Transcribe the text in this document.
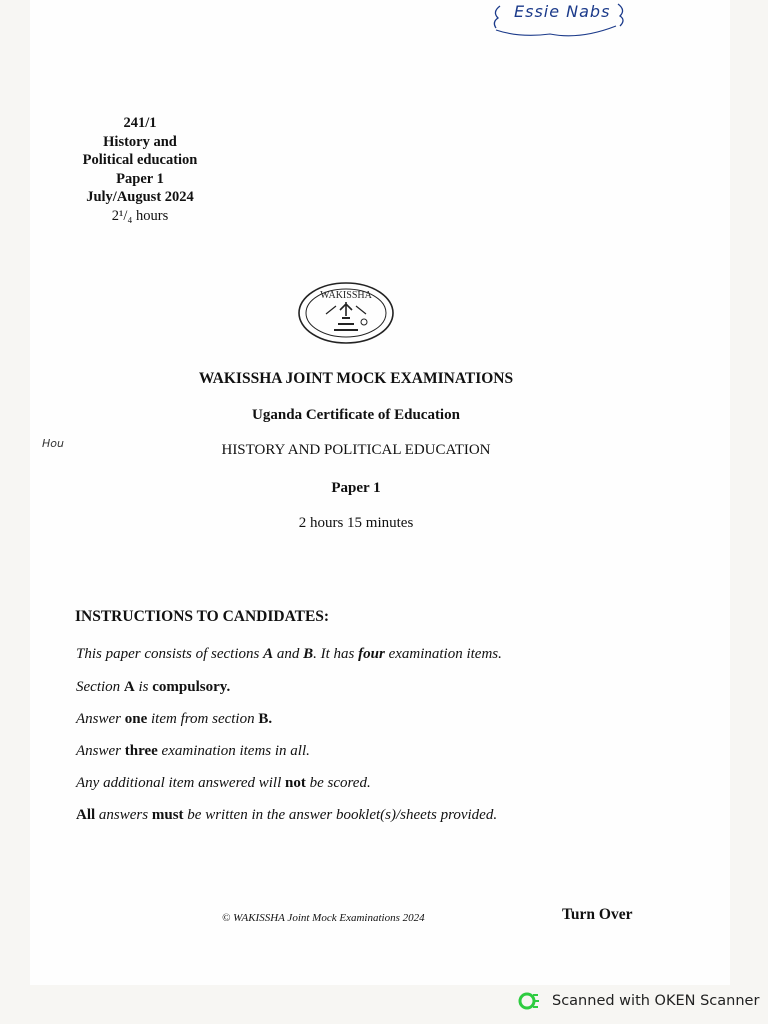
Essie Nabs
241/1
History and
Political education
Paper 1
July/August 2024
2¹/₄ hours
WAKISSHA
WAKISSHA JOINT MOCK EXAMINATIONS
Uganda Certificate of Education
HISTORY AND POLITICAL EDUCATION
Paper 1
2 hours 15 minutes
Hou
INSTRUCTIONS TO CANDIDATES:
This paper consists of sections A and B. It has four examination items.
Section A is compulsory.
Answer one item from section B.
Answer three examination items in all.
Any additional item answered will not be scored.
All answers must be written in the answer booklet(s)/sheets provided.
© WAKISSHA Joint Mock Examinations 2024	Turn Over
Scanned with OKEN Scanner
